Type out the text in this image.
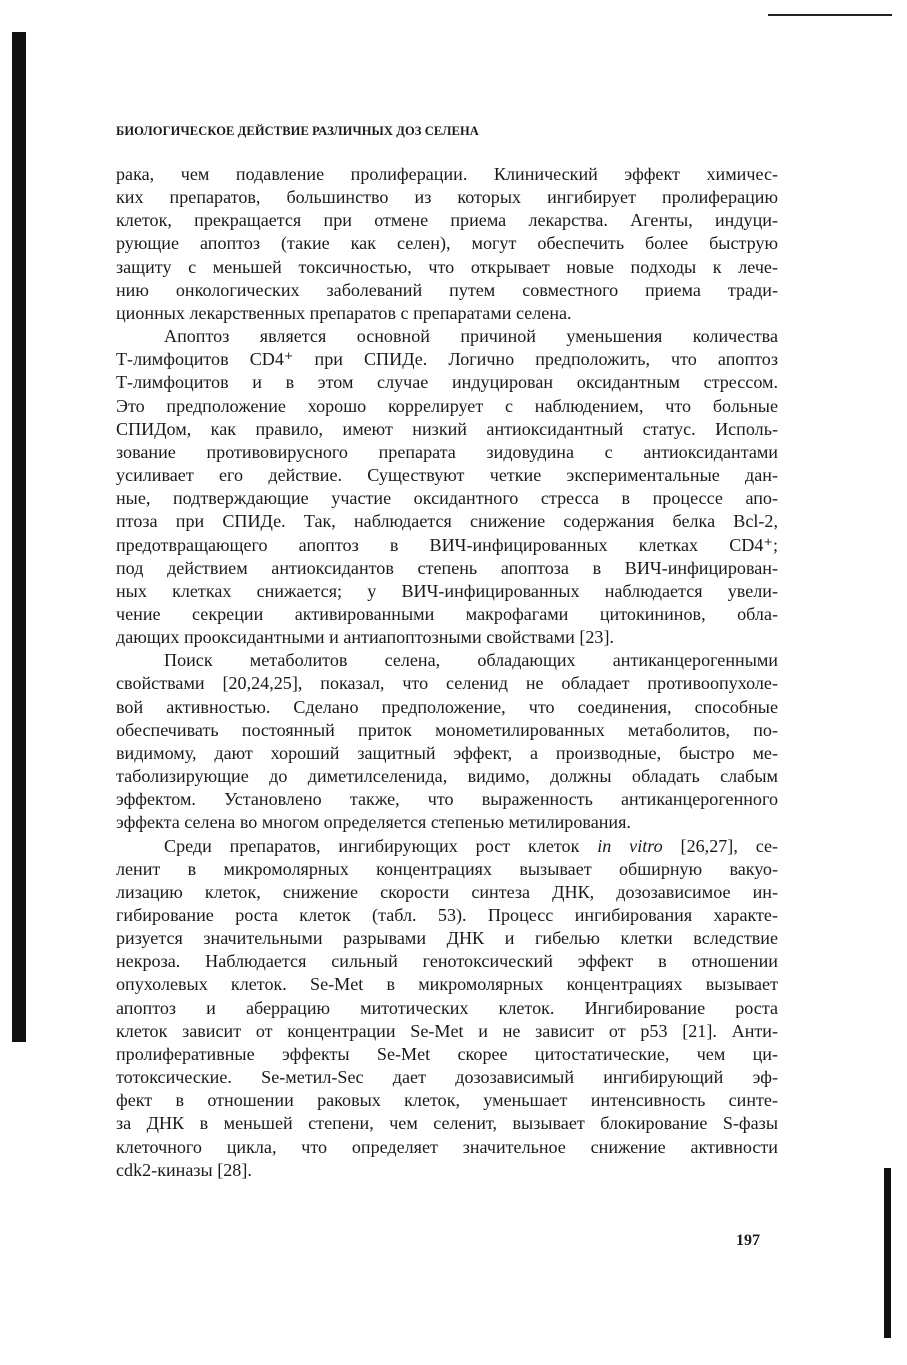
БИОЛОГИЧЕСКОЕ ДЕЙСТВИЕ РАЗЛИЧНЫХ ДОЗ СЕЛЕНА
рака, чем подавление пролиферации. Клинический эффект химичес-
ких препаратов, большинство из которых ингибирует пролиферацию
клеток, прекращается при отмене приема лекарства. Агенты, индуци-
рующие апоптоз (такие как селен), могут обеспечить более быструю
защиту с меньшей токсичностью, что открывает новые подходы к лече-
нию онкологических заболеваний путем совместного приема тради-
ционных лекарственных препаратов с препаратами селена.
Апоптоз является основной причиной уменьшения количества
Т-лимфоцитов CD4⁺ при СПИДе. Логично предположить, что апоптоз
Т-лимфоцитов и в этом случае индуцирован оксидантным стрессом.
Это предположение хорошо коррелирует с наблюдением, что больные
СПИДом, как правило, имеют низкий антиоксидантный статус. Исполь-
зование противовирусного препарата зидовудина с антиоксидантами
усиливает его действие. Существуют четкие экспериментальные дан-
ные, подтверждающие участие оксидантного стресса в процессе апо-
птоза при СПИДе. Так, наблюдается снижение содержания белка Bcl-2,
предотвращающего апоптоз в ВИЧ-инфицированных клетках CD4⁺;
под действием антиоксидантов степень апоптоза в ВИЧ-инфицирован-
ных клетках снижается; у ВИЧ-инфицированных наблюдается увели-
чение секреции активированными макрофагами цитокининов, обла-
дающих прооксидантными и антиапоптозными свойствами [23].
Поиск метаболитов селена, обладающих антиканцерогенными
свойствами [20,24,25], показал, что селенид не обладает противоопухоле-
вой активностью. Сделано предположение, что соединения, способные
обеспечивать постоянный приток монометилированных метаболитов, по-
видимому, дают хороший защитный эффект, а производные, быстро ме-
таболизирующие до диметилселенида, видимо, должны обладать слабым
эффектом. Установлено также, что выраженность антиканцерогенного
эффекта селена во многом определяется степенью метилирования.
Среди препаратов, ингибирующих рост клеток in vitro [26,27], се-
ленит в микромолярных концентрациях вызывает обширную вакуо-
лизацию клеток, снижение скорости синтеза ДНК, дозозависимое ин-
гибирование роста клеток (табл. 53). Процесс ингибирования характе-
ризуется значительными разрывами ДНК и гибелью клетки вследствие
некроза. Наблюдается сильный генотоксический эффект в отношении
опухолевых клеток. Se-Met в микромолярных концентрациях вызывает
апоптоз и аберрацию митотических клеток. Ингибирование роста
клеток зависит от концентрации Se-Met и не зависит от p53 [21]. Анти-
пролиферативные эффекты Se-Met скорее цитостатические, чем ци-
тотоксические. Se-метил-Sec дает дозозависимый ингибирующий эф-
фект в отношении раковых клеток, уменьшает интенсивность синте-
за ДНК в меньшей степени, чем селенит, вызывает блокирование S-фазы
клеточного цикла, что определяет значительное снижение активности
cdk2-киназы [28].
197
